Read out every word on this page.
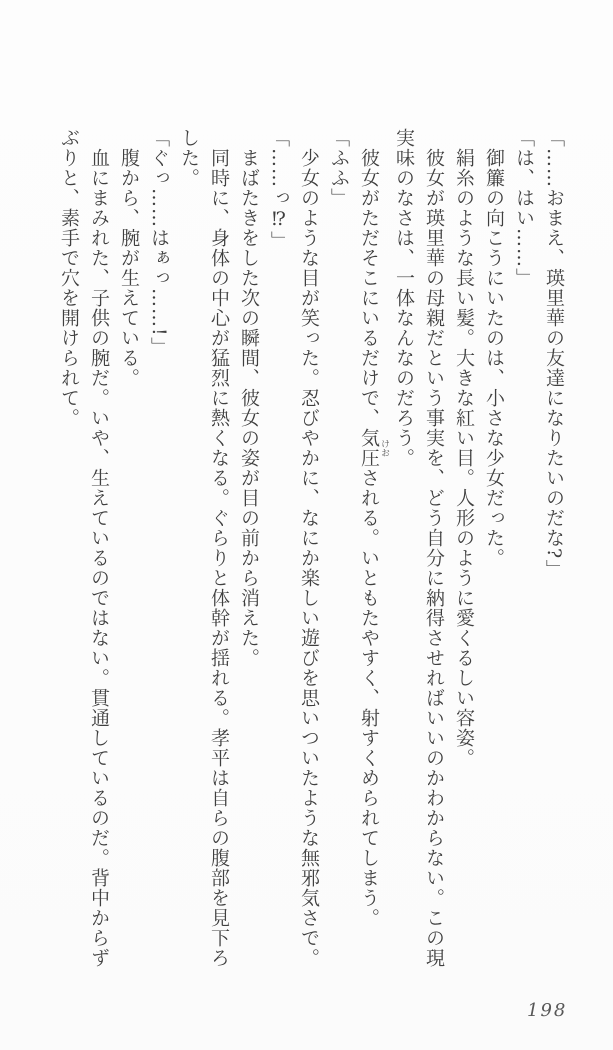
「……おまえ、瑛里華の友達になりたいのだな?」

「は、はい……」

御簾の向こうにいたのは、小さな少女だった。

絹糸のような長い髪。大きな紅い目。人形のように愛くるしい容姿。

彼女が瑛里華の母親だという事実を、どう自分に納得させればいいのかわからない。この現

実味のなさは、一体なんなのだろう。

彼女がただそこにいるだけで、気圧 けおされる。いともたやすく、射すくめられてしまう。

「ふふ」

少女のような目が笑った。忍びやかに、なにか楽しい遊びを思いついたような無邪気さで。

「……っ⁉」

まばたきをした次の瞬間、彼女の姿が目の前から消えた。

同時に、身体の中心が猛烈に熱くなる。ぐらりと体幹が揺れる。孝平は自らの腹部を見下ろ

した。

「ぐっ……はぁっ……!」

腹から、腕が生えている。

血にまみれた、子供の腕だ。いや、生えているのではない。貫通しているのだ。背中からず

ぶりと、素手で穴を開けられて。

198
